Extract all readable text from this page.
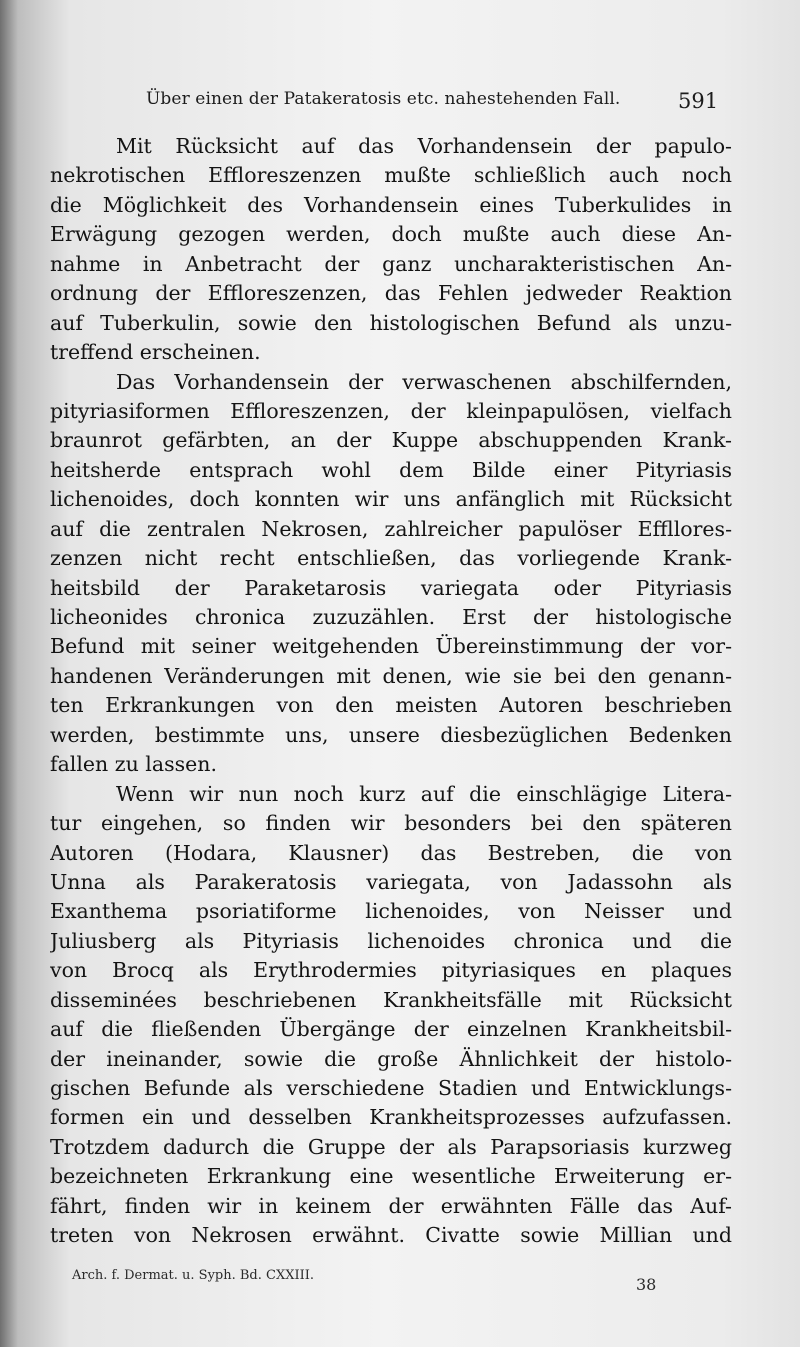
Über einen der Patakeratosis etc. nahestehenden Fall.	591
Mit Rücksicht auf das Vorhandensein der papulo-
nekrotischen Effloreszenzen mußte schließlich auch noch
die Möglichkeit des Vorhandensein eines Tuberkulides in
Erwägung gezogen werden, doch mußte auch diese An-
nahme in Anbetracht der ganz uncharakteristischen An-
ordnung der Effloreszenzen, das Fehlen jedweder Reaktion
auf Tuberkulin, sowie den histologischen Befund als unzu-
treffend erscheinen.
Das Vorhandensein der verwaschenen abschilfernden,
pityriasiformen Effloreszenzen, der kleinpapulösen, vielfach
braunrot gefärbten, an der Kuppe abschuppenden Krank-
heitsherde entsprach wohl dem Bilde einer Pityriasis
lichenoides, doch konnten wir uns anfänglich mit Rücksicht
auf die zentralen Nekrosen, zahlreicher papulöser Effllores-
zenzen nicht recht entschließen, das vorliegende Krank-
heitsbild der Paraketarosis variegata oder Pityriasis
licheonides chronica zuzuzählen. Erst der histologische
Befund mit seiner weitgehenden Übereinstimmung der vor-
handenen Veränderungen mit denen, wie sie bei den genann-
ten Erkrankungen von den meisten Autoren beschrieben
werden, bestimmte uns, unsere diesbezüglichen Bedenken
fallen zu lassen.
Wenn wir nun noch kurz auf die einschlägige Litera-
tur eingehen, so finden wir besonders bei den späteren
Autoren (Hodara, Klausner) das Bestreben, die von
Unna als Parakeratosis variegata, von Jadassohn als
Exanthema psoriatiforme lichenoides, von Neisser und
Juliusberg als Pityriasis lichenoides chronica und die
von Brocq als Erythrodermies pityriasiques en plaques
disseminées beschriebenen Krankheitsfälle mit Rücksicht
auf die fließenden Übergänge der einzelnen Krankheitsbil-
der ineinander, sowie die große Ähnlichkeit der histolo-
gischen Befunde als verschiedene Stadien und Entwicklungs-
formen ein und desselben Krankheitsprozesses aufzufassen.
Trotzdem dadurch die Gruppe der als Parapsoriasis kurzweg
bezeichneten Erkrankung eine wesentliche Erweiterung er-
fährt, finden wir in keinem der erwähnten Fälle das Auf-
treten von Nekrosen erwähnt. Civatte sowie Millian und
Arch. f. Dermat. u. Syph. Bd. CXXIII.	38
